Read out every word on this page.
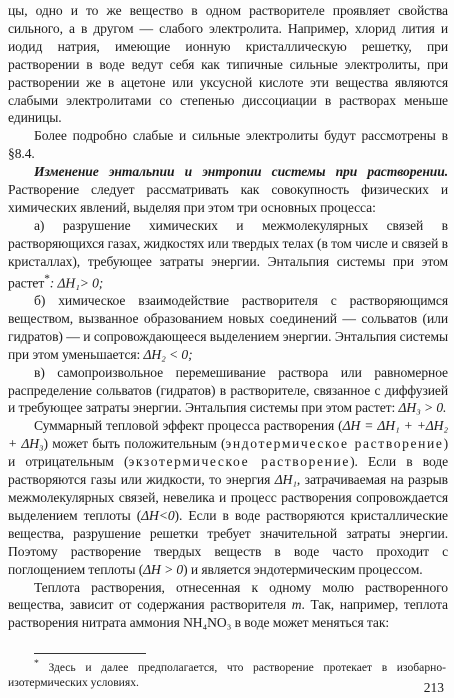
цы, одно и то же вещество в одном растворителе проявляет свойства сильного, а в другом — слабого электролита. Например, хлорид лития и иодид натрия, имеющие ионную кристаллическую решетку, при растворении в воде ведут себя как типичные сильные электролиты, при растворении же в ацетоне или уксусной кислоте эти вещества являются слабыми электролитами со степенью диссоциации в растворах меньше единицы.

Более подробно слабые и сильные электролиты будут рассмотрены в §8.4.

Изменение энтальпии и энтропии системы при растворении. Растворение следует рассматривать как совокупность физических и химических явлений, выделяя при этом три основных процесса:

а) разрушение химических и межмолекулярных связей в растворяющихся газах, жидкостях или твердых телах (в том числе и связей в кристаллах), требующее затраты энергии. Энтальпия системы при этом растет*: ΔH₁> 0;

б) химическое взаимодействие растворителя с растворяющимся веществом, вызванное образованием новых соединений — сольватов (или гидратов) — и сопровождающееся выделением энергии. Энтальпия системы при этом уменьшается: ΔH₂ < 0;

в) самопроизвольное перемешивание раствора или равномерное распределение сольватов (гидратов) в растворителе, связанное с диффузией и требующее затраты энергии. Энтальпия системы при этом растет: ΔH₃ > 0.

Суммарный тепловой эффект процесса растворения (ΔH = ΔH₁ + +ΔH₂ + ΔH₃) может быть положительным (эндотермическое растворение) и отрицательным (экзотермическое растворение). Если в воде растворяются газы или жидкости, то энергия ΔH₁, затрачиваемая на разрыв межмолекулярных связей, невелика и процесс растворения сопровождается выделением теплоты (ΔH<0). Если в воде растворяются кристаллические вещества, разрушение решетки требует значительной затраты энергии. Поэтому растворение твердых веществ в воде часто проходит с поглощением теплоты (ΔH > 0) и является эндотермическим процессом.

Теплота растворения, отнесенная к одному молю растворенного вещества, зависит от содержания растворителя m. Так, например, теплота растворения нитрата аммония NH₄NO₃ в воде может меняться так:

* Здесь и далее предполагается, что растворение протекает в изобарно-изотермических условиях.	213
